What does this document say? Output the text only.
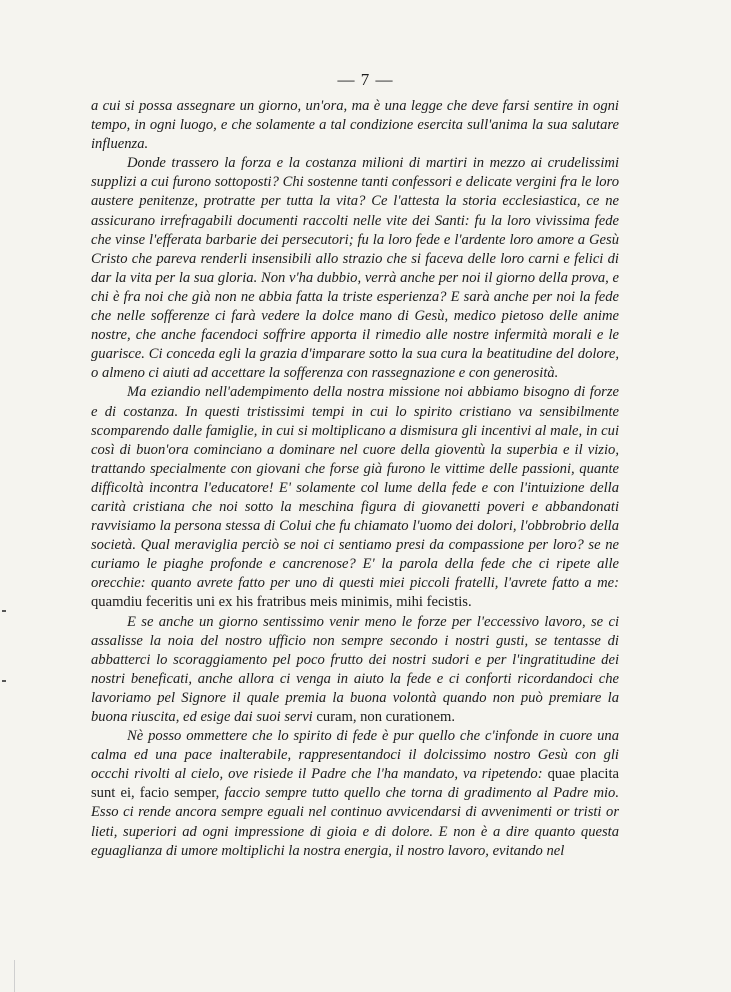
— 7 —

a cui si possa assegnare un giorno, un'ora, ma è una legge che deve farsi sentire in ogni tempo, in ogni luogo, e che solamente a tal condizione esercita sull'anima la sua salutare influenza.

Donde trassero la forza e la costanza milioni di martiri in mezzo ai crudelissimi supplizi a cui furono sottoposti? Chi sostenne tanti confessori e delicate vergini fra le loro austere penitenze, protratte per tutta la vita? Ce l'attesta la storia ecclesiastica, ce ne assicurano irrefragabili documenti raccolti nelle vite dei Santi: fu la loro vivissima fede che vinse l'efferata barbarie dei persecutori; fu la loro fede e l'ardente loro amore a Gesù Cristo che pareva renderli insensibili allo strazio che si faceva delle loro carni e felici di dar la vita per la sua gloria. Non v'ha dubbio, verrà anche per noi il giorno della prova, e chi è fra noi che già non ne abbia fatta la triste esperienza? E sarà anche per noi la fede che nelle sofferenze ci farà vedere la dolce mano di Gesù, medico pietoso delle anime nostre, che anche facendoci soffrire apporta il rimedio alle nostre infermità morali e le guarisce. Ci conceda egli la grazia d'imparare sotto la sua cura la beatitudine del dolore, o almeno ci aiuti ad accettare la sofferenza con rassegnazione e con generosità.

Ma eziandio nell'adempimento della nostra missione noi abbiamo bisogno di forze e di costanza. In questi tristissimi tempi in cui lo spirito cristiano va sensibilmente scomparendo dalle famiglie, in cui si moltiplicano a dismisura gli incentivi al male, in cui così di buon'ora cominciano a dominare nel cuore della gioventù la superbia e il vizio, trattando specialmente con giovani che forse già furono le vittime delle passioni, quante difficoltà incontra l'educatore! E' solamente col lume della fede e con l'intuizione della carità cristiana che noi sotto la meschina figura di giovanetti poveri e abbandonati ravvisiamo la persona stessa di Colui che fu chiamato l'uomo dei dolori, l'obbrobrio della società. Qual meraviglia perciò se noi ci sentiamo presi da compassione per loro? se ne curiamo le piaghe profonde e cancrenose? E' la parola della fede che ci ripete alle orecchie: quanto avrete fatto per uno di questi miei piccoli fratelli, l'avrete fatto a me: quamdiu feceritis uni ex his fratribus meis minimis, mihi fecistis.

E se anche un giorno sentissimo venir meno le forze per l'eccessivo lavoro, se ci assalisse la noia del nostro ufficio non sempre secondo i nostri gusti, se tentasse di abbatterci lo scoraggiamento pel poco frutto dei nostri sudori e per l'ingratitudine dei nostri beneficati, anche allora ci venga in aiuto la fede e ci conforti ricordandoci che lavoriamo pel Signore il quale premia la buona volontà quando non può premiare la buona riuscita, ed esige dai suoi servi curam, non curationem.

Nè posso ommettere che lo spirito di fede è pur quello che c'infonde in cuore una calma ed una pace inalterabile, rappresentandoci il dolcissimo nostro Gesù con gli occchi rivolti al cielo, ove risiede il Padre che l'ha mandato, va ripetendo: quae placita sunt ei, facio semper, faccio sempre tutto quello che torna di gradimento al Padre mio. Esso ci rende ancora sempre eguali nel continuo avvicendarsi di avvenimenti or tristi or lieti, superiori ad ogni impressione di gioia e di dolore. E non è a dire quanto questa eguaglianza di umore moltiplichi la nostra energia, il nostro lavoro, evitando nel
